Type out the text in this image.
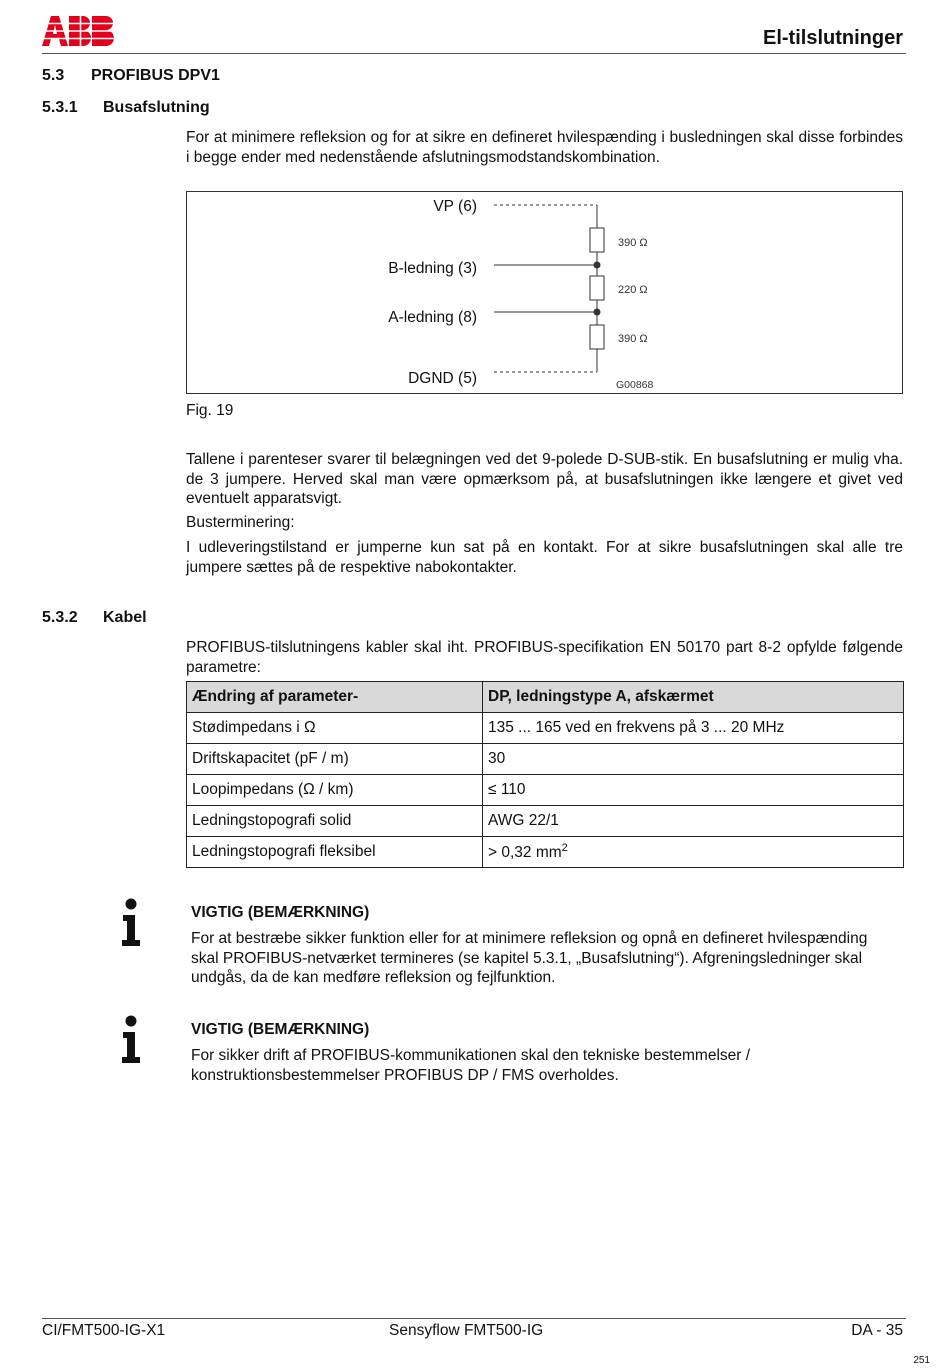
El-tilslutninger
5.3 PROFIBUS DPV1
5.3.1 Busafslutning
For at minimere refleksion og for at sikre en defineret hvilespænding i busledningen skal disse forbindes i begge ender med nedenstående afslutningsmodstandskombination.
VP (6)
B-ledning (3)
A-ledning (8)
DGND (5)
390 Ω
220 Ω
390 Ω
G00868
Fig. 19
Tallene i parenteser svarer til belægningen ved det 9-polede D-SUB-stik. En busafslutning er mulig vha. de 3 jumpere. Herved skal man være opmærksom på, at busafslutningen ikke længere et givet ved eventuelt apparatsvigt.
Busterminering:
I udleveringstilstand er jumperne kun sat på en kontakt. For at sikre busafslutningen skal alle tre jumpere sættes på de respektive nabokontakter.
5.3.2 Kabel
PROFIBUS-tilslutningens kabler skal iht. PROFIBUS-specifikation EN 50170 part 8-2 opfylde følgende parametre:
Ændring af parameter-	DP, ledningstype A, afskærmet
Stødimpedans i Ω	135 ... 165 ved en frekvens på 3 ... 20 MHz
Driftskapacitet (pF / m)	30
Loopimpedans (Ω / km)	≤ 110
Ledningstopografi solid	AWG 22/1
Ledningstopografi fleksibel	> 0,32 $mm^2$
VIGTIG (BEMÆRKNING)
For at bestræbe sikker funktion eller for at minimere refleksion og opnå en defineret hvilespænding skal PROFIBUS-netværket termineres (se kapitel 5.3.1, „Busafslutning“). Afgreningsledninger skal undgås, da de kan medføre refleksion og fejlfunktion.
VIGTIG (BEMÆRKNING)
For sikker drift af PROFIBUS-kommunikationen skal den tekniske bestemmelser / konstruktionsbestemmelser PROFIBUS DP / FMS overholdes.
CI/FMT500-IG-X1	Sensyflow FMT500-IG	DA - 35
251
